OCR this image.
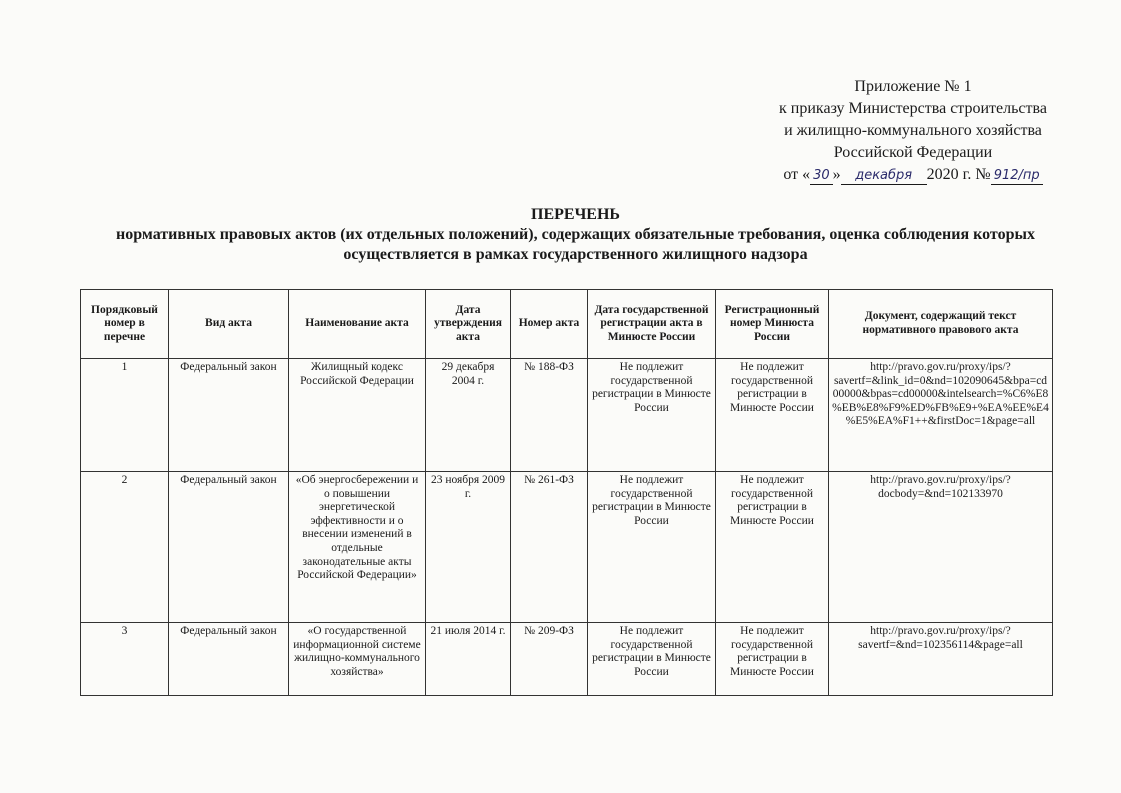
Приложение № 1
к приказу Министерства строительства
и жилищно-коммунального хозяйства
Российской Федерации
от « 30 » декабря 2020 г. № 912/пр
ПЕРЕЧЕНЬ
нормативных правовых актов (их отдельных положений), содержащих обязательные требования, оценка соблюдения которых осуществляется в рамках государственного жилищного надзора
Порядковый номер в перечне	Вид акта	Наименование акта	Дата утверждения акта	Номер акта	Дата государственной регистрации акта в Минюсте России	Регистрационный номер Минюста России	Документ, содержащий текст нормативного правового акта
1	Федеральный закон	Жилищный кодекс Российской Федерации	29 декабря 2004 г.	№ 188-ФЗ	Не подлежит государственной регистрации в Минюсте России	Не подлежит государственной регистрации в Минюсте России	http://pravo.gov.ru/proxy/ips/?savertf=&link_id=0&nd=102090645&bpa=cd00000&bpas=cd00000&intelsearch=%C6%E8%EB%E8%F9%ED%FB%E9+%EA%EE%E4%E5%EA%F1++&firstDoc=1&page=all
2	Федеральный закон	«Об энергосбережении и о повышении энергетической эффективности и о внесении изменений в отдельные законодательные акты Российской Федерации»	23 ноября 2009 г.	№ 261-ФЗ	Не подлежит государственной регистрации в Минюсте России	Не подлежит государственной регистрации в Минюсте России	http://pravo.gov.ru/proxy/ips/?docbody=&nd=102133970
3	Федеральный закон	«О государственной информационной системе жилищно-коммунального хозяйства»	21 июля 2014 г.	№ 209-ФЗ	Не подлежит государственной регистрации в Минюсте России	Не подлежит государственной регистрации в Минюсте России	http://pravo.gov.ru/proxy/ips/?savertf=&nd=102356114&page=all
